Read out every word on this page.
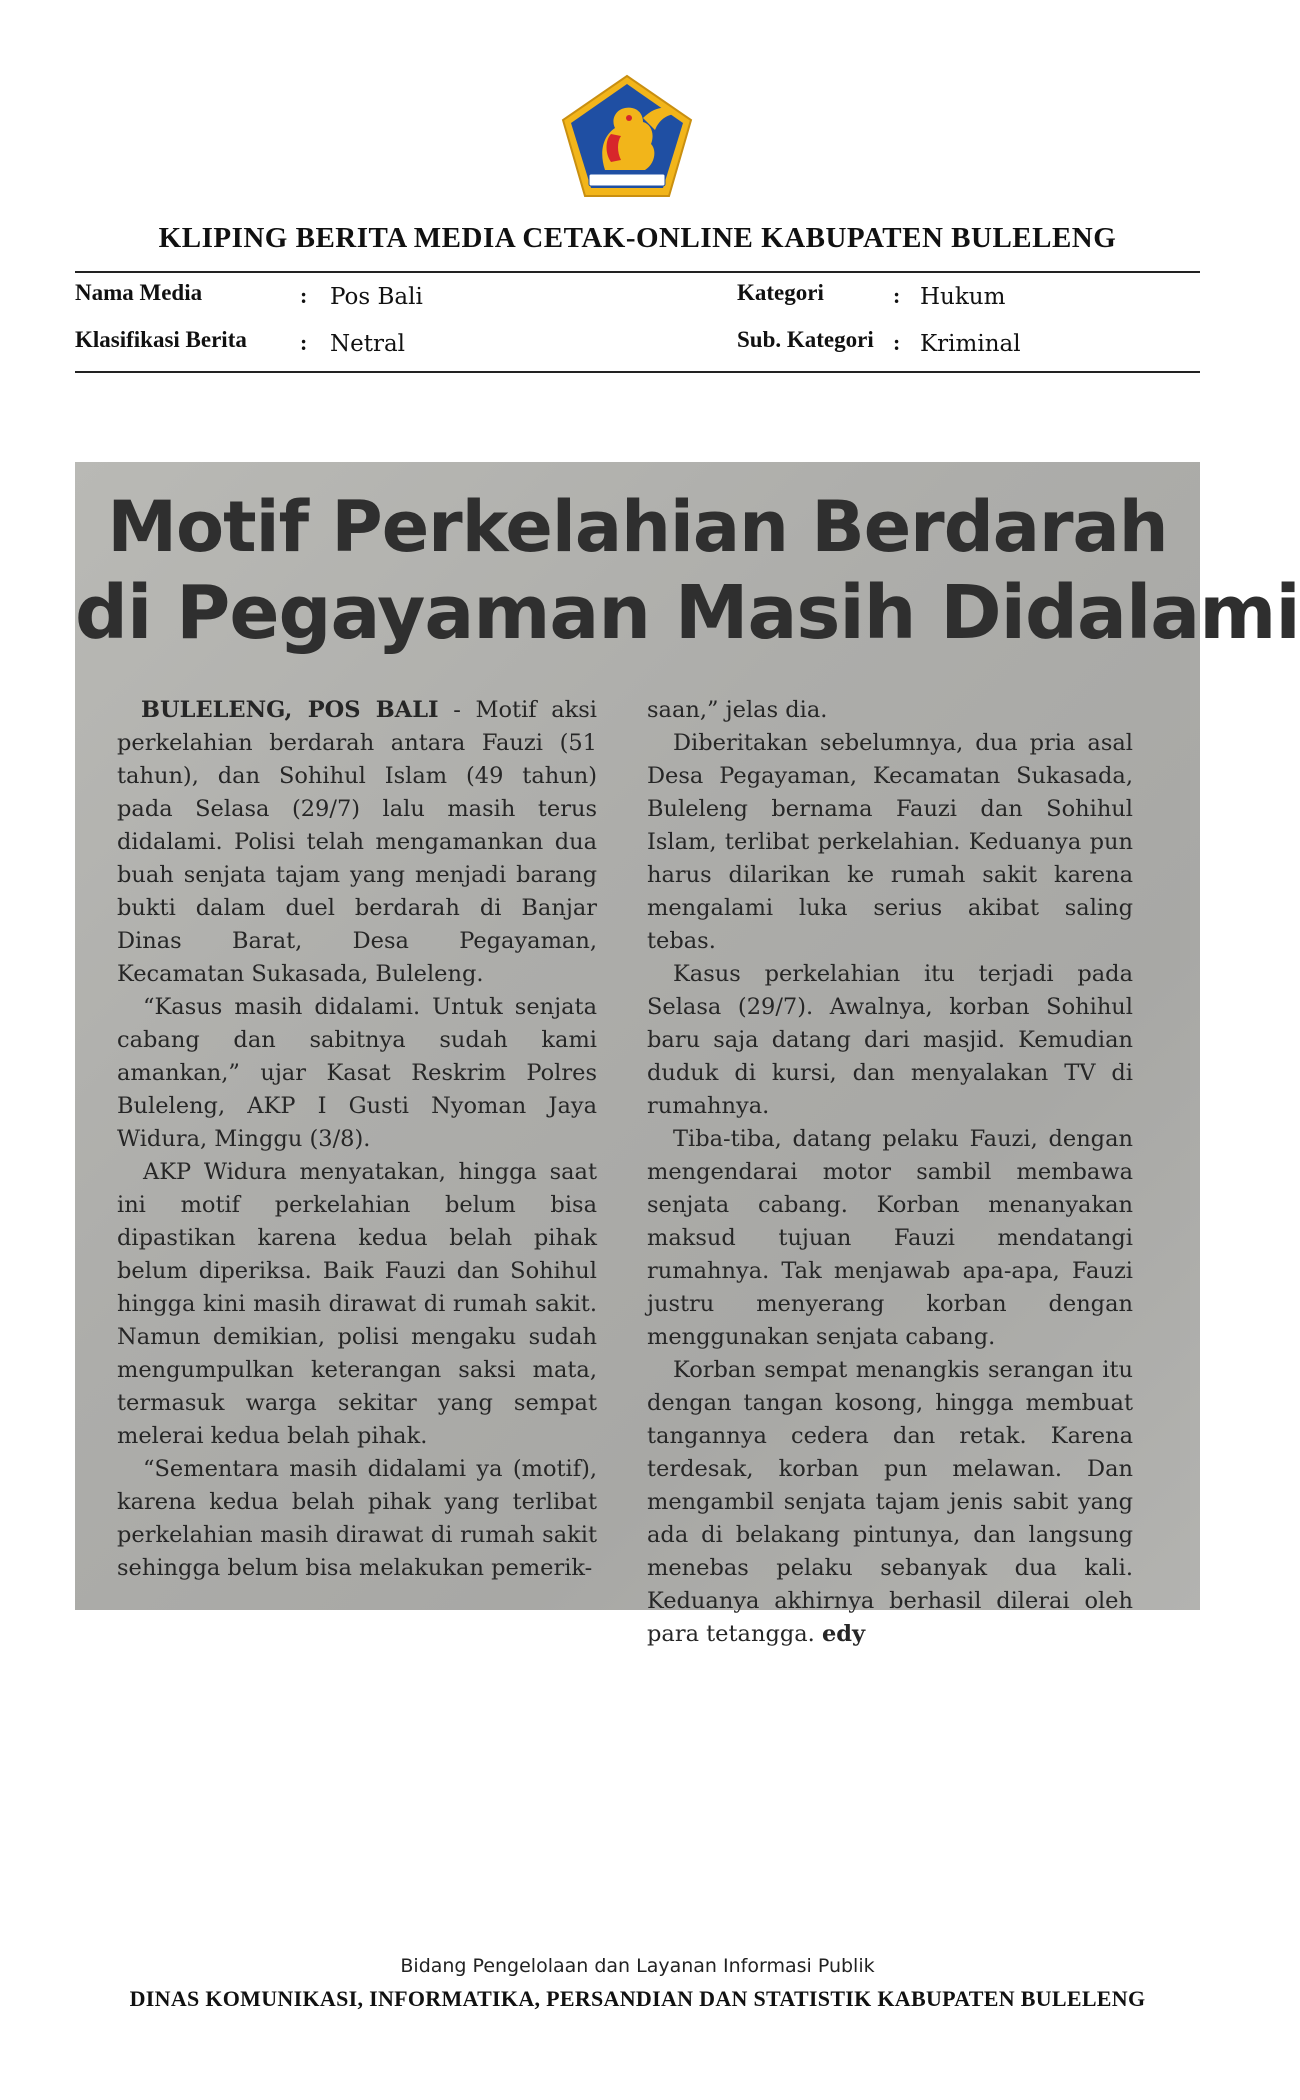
KLIPING BERITA MEDIA CETAK-ONLINE KABUPATEN BULELENG
Nama Media	: Pos Bali
Klasifikasi Berita : Netral
Kategori	: Hukum
Sub. Kategori : Kriminal
Motif Perkelahian Berdarah
di Pegayaman Masih Didalami

BULELENG, POS BALI - Motif aksi perkelahian berdarah antara Fauzi (51 tahun), dan Sohihul Islam (49 tahun) pada Selasa (29/7) lalu masih terus didalami. Polisi telah mengamankan dua buah senjata tajam yang menjadi barang bukti dalam duel berdarah di Banjar Dinas Barat, Desa Pegayaman, Kecamatan Sukasada, Buleleng.

“Kasus masih didalami. Untuk senjata cabang dan sabitnya sudah kami amankan,” ujar Kasat Reskrim Polres Buleleng, AKP I Gusti Nyoman Jaya Widura, Minggu (3/8).

AKP Widura menyatakan, hingga saat ini motif perkelahian belum bisa dipastikan karena kedua belah pihak belum diperiksa. Baik Fauzi dan Sohihul hingga kini masih dirawat di rumah sakit. Namun demikian, polisi mengaku sudah mengumpulkan keterangan saksi mata, termasuk warga sekitar yang sempat melerai kedua belah pihak.

“Sementara masih didalami ya (motif), karena kedua belah pihak yang terlibat perkelahian masih dirawat di rumah sakit sehingga belum bisa melakukan pemerik-

saan,” jelas dia.

Diberitakan sebelumnya, dua pria asal Desa Pegayaman, Kecamatan Sukasada, Buleleng bernama Fauzi dan Sohihul Islam, terlibat perkelahian. Keduanya pun harus dilarikan ke rumah sakit karena mengalami luka serius akibat saling tebas.

Kasus perkelahian itu terjadi pada Selasa (29/7). Awalnya, korban Sohihul baru saja datang dari masjid. Kemudian duduk di kursi, dan menyalakan TV di rumahnya.

Tiba-tiba, datang pelaku Fauzi, dengan mengendarai motor sambil membawa senjata cabang. Korban menanyakan maksud tujuan Fauzi mendatangi rumahnya. Tak menjawab apa-apa, Fauzi justru menyerang korban dengan menggunakan senjata cabang.

Korban sempat menangkis serangan itu dengan tangan kosong, hingga membuat tangannya cedera dan retak. Karena terdesak, korban pun melawan. Dan mengambil senjata tajam jenis sabit yang ada di belakang pintunya, dan langsung menebas pelaku sebanyak dua kali. Keduanya akhirnya berhasil dilerai oleh para tetangga. edy

Bidang Pengelolaan dan Layanan Informasi Publik
DINAS KOMUNIKASI, INFORMATIKA, PERSANDIAN DAN STATISTIK KABUPATEN BULELENG
